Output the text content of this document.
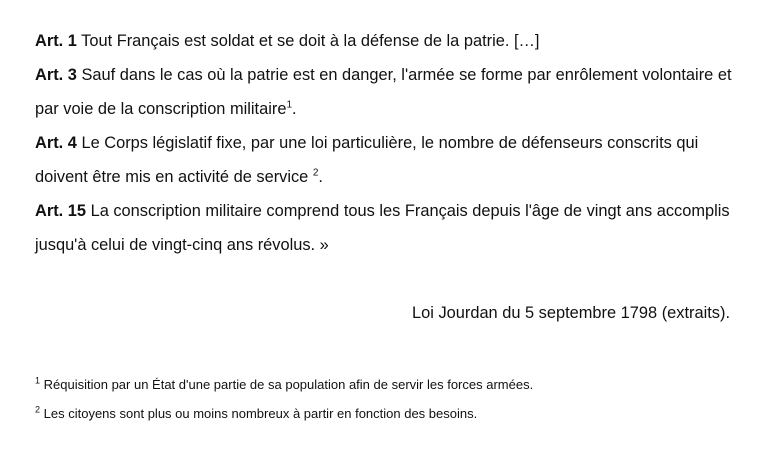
Art. 1 Tout Français est soldat et se doit à la défense de la patrie. […]

Art. 3 Sauf dans le cas où la patrie est en danger, l'armée se forme par enrôlement volontaire et par voie de la conscription militaire$^1$.

Art. 4 Le Corps législatif fixe, par une loi particulière, le nombre de défenseurs conscrits qui doivent être mis en activité de service $^2$.

Art. 15 La conscription militaire comprend tous les Français depuis l'âge de vingt ans accomplis jusqu'à celui de vingt-cinq ans révolus. »

Loi Jourdan du 5 septembre 1798 (extraits).

$^1$ Réquisition par un État d'une partie de sa population afin de servir les forces armées.

$^2$ Les citoyens sont plus ou moins nombreux à partir en fonction des besoins.
